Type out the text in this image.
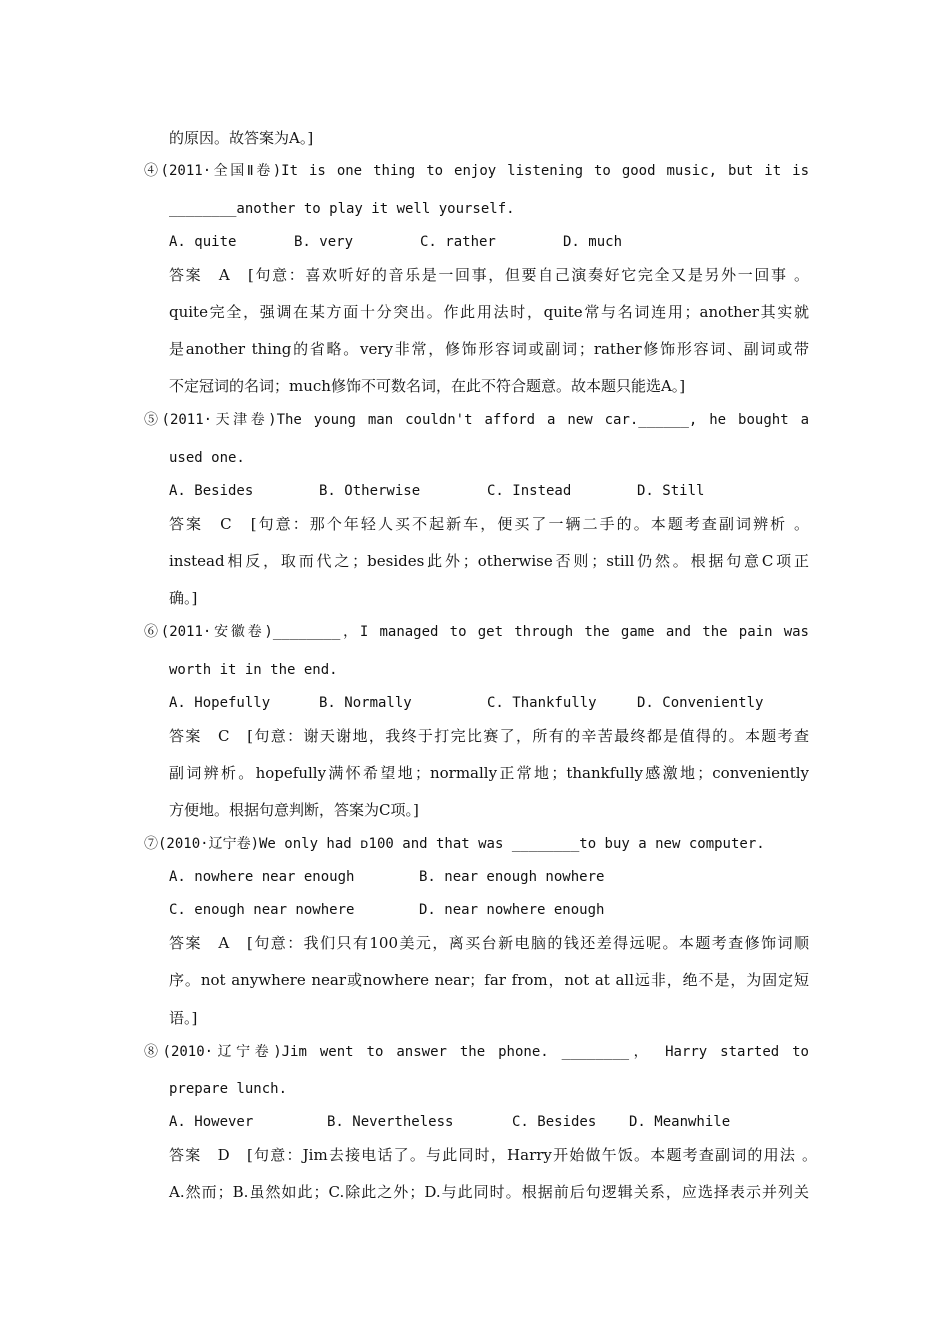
的原因。故答案为A。]
④(2011·全国Ⅱ卷)It is one thing to enjoy listening to good music, but it is
________another to play it well yourself.
A. quite	B. very	C. rather	D. much
答案　A　[句意：喜欢听好的音乐是一回事，但要自己演奏好它完全又是另外一回事 。
quite完全，强调在某方面十分突出。作此用法时，quite常与名词连用；another其实就
是another thing的省略。very非常，修饰形容词或副词；rather修饰形容词、副词或带
不定冠词的名词；much修饰不可数名词，在此不符合题意。故本题只能选A。]
⑤(2011·天津卷)The young man couldn't afford a new car.______, he bought a
used one.
A. Besides	B. Otherwise	C. Instead	D. Still
答案　C　[句意：那个年轻人买不起新车，便买了一辆二手的。本题考查副词辨析 。
instead相反，取而代之；besides此外；otherwise否则；still仍然。根据句意C项正
确。]
⑥(2011·安徽卷)________，I managed to get through the game and the pain was
worth it in the end.
A. Hopefully	B. Normally	C. Thankfully	D. Conveniently
答案　C　[句意：谢天谢地，我终于打完比赛了，所有的辛苦最终都是值得的。本题考查
副词辨析。hopefully满怀希望地；normally正常地；thankfully感激地；conveniently
方便地。根据句意判断，答案为C项。]
⑦(2010·辽宁卷)We only had ᴅ100 and that was ________to buy a new computer.
A. nowhere near enough	B. near enough nowhere
C. enough near nowhere	D. near nowhere enough
答案　A　[句意：我们只有100美元，离买台新电脑的钱还差得远呢。本题考查修饰词顺
序。not anywhere near或nowhere near；far from，not at all远非，绝不是，为固定短
语。]
⑧(2010·辽宁卷)Jim went to answer the phone. ________， Harry started to
prepare lunch.
A. However	B. Nevertheless	C. Besides	D. Meanwhile
答案　D　[句意：Jim去接电话了。与此同时，Harry开始做午饭。本题考查副词的用法 。
A.然而；B.虽然如此；C.除此之外；D.与此同时。根据前后句逻辑关系，应选择表示并列关
